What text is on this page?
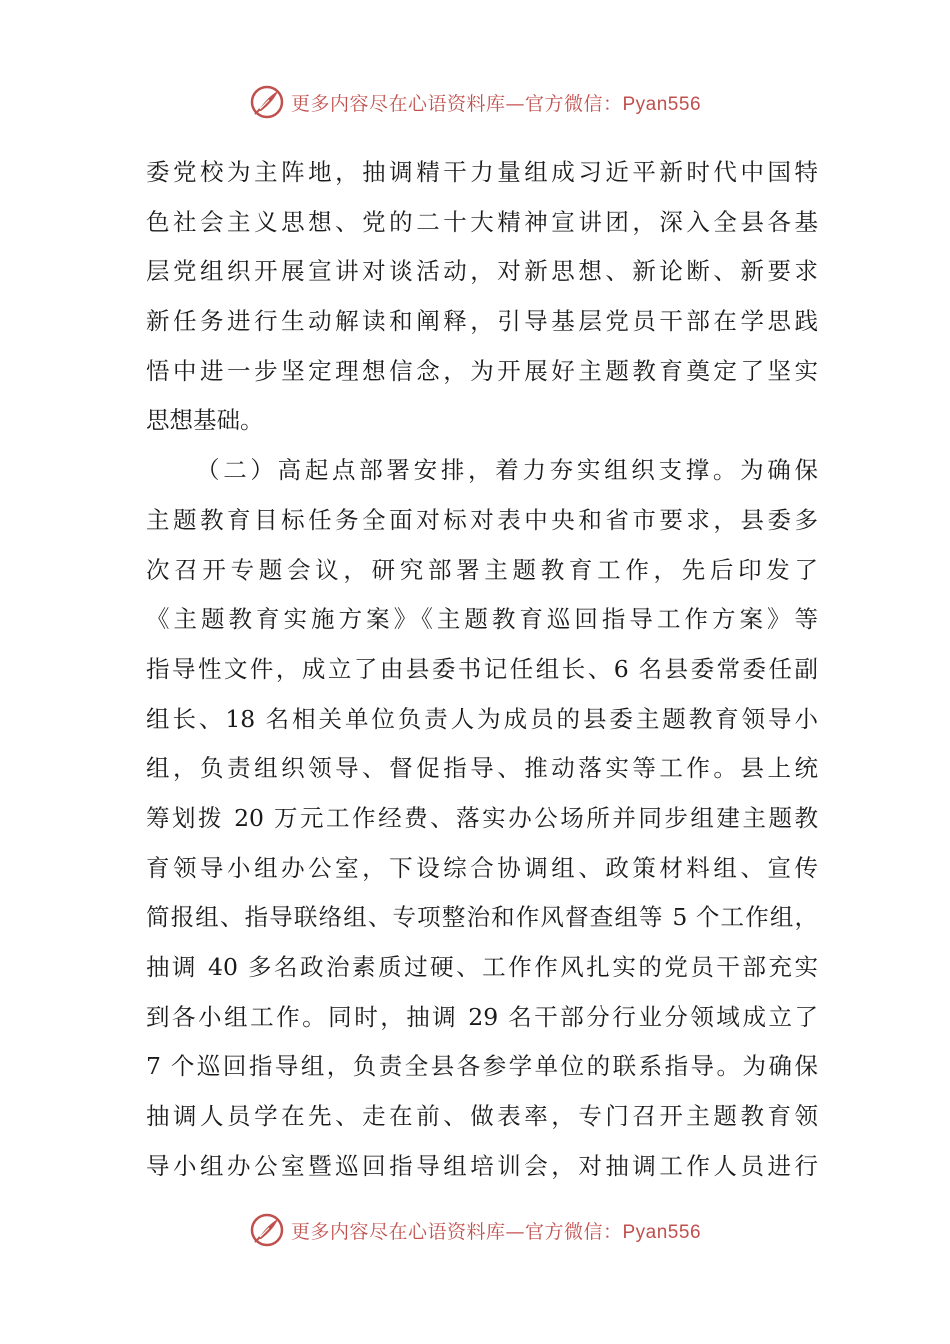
更多内容尽在心语资料库—官方微信：Pyan556
委党校为主阵地，抽调精干力量组成习近平新时代中国特
色社会主义思想、党的二十大精神宣讲团，深入全县各基
层党组织开展宣讲对谈活动，对新思想、新论断、新要求
新任务进行生动解读和阐释，引导基层党员干部在学思践
悟中进一步坚定理想信念，为开展好主题教育奠定了坚实
思想基础。
（二）高起点部署安排，着力夯实组织支撑。为确保
主题教育目标任务全面对标对表中央和省市要求，县委多
次召开专题会议，研究部署主题教育工作，先后印发了
《主题教育实施方案》《主题教育巡回指导工作方案》等
指导性文件，成立了由县委书记任组长、6 名县委常委任副
组长、18 名相关单位负责人为成员的县委主题教育领导小
组，负责组织领导、督促指导、推动落实等工作。县上统
筹划拨 20 万元工作经费、落实办公场所并同步组建主题教
育领导小组办公室，下设综合协调组、政策材料组、宣传
简报组、指导联络组、专项整治和作风督查组等 5 个工作组，
抽调 40 多名政治素质过硬、工作作风扎实的党员干部充实
到各小组工作。同时，抽调 29 名干部分行业分领域成立了
7 个巡回指导组，负责全县各参学单位的联系指导。为确保
抽调人员学在先、走在前、做表率，专门召开主题教育领
导小组办公室暨巡回指导组培训会，对抽调工作人员进行
更多内容尽在心语资料库—官方微信：Pyan556
